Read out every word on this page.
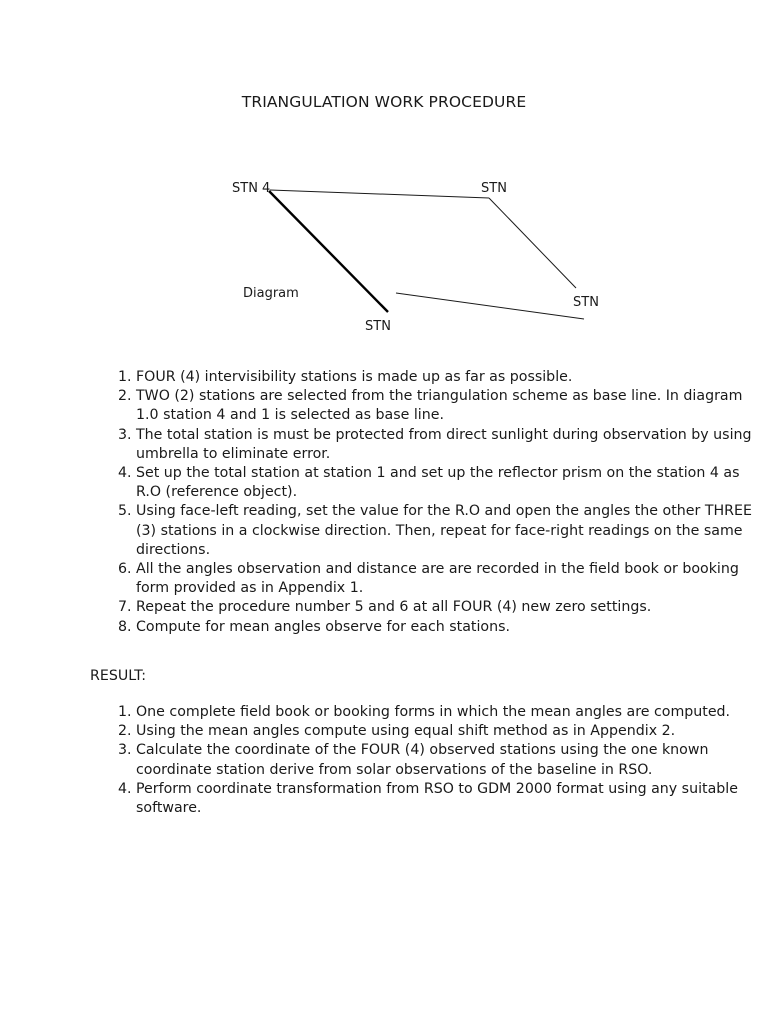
TRIANGULATION WORK PROCEDURE
STN 4	STN
STN
STN
Diagram
1. FOUR (4) intervisibility stations is made up as far as possible.
2. TWO (2) stations are selected from the triangulation scheme as base line. In diagram 1.0 station 4 and 1 is selected as base line.
3. The total station is must be protected from direct sunlight during observation by using umbrella to eliminate error.
4. Set up the total station at station 1 and set up the reflector prism on the station 4 as R.O (reference object).
5. Using face-left reading, set the value for the R.O and open the angles the other THREE (3) stations in a clockwise direction. Then, repeat for face-right readings on the same directions.
6. All the angles observation and distance are are recorded in the field book or booking form provided as in Appendix 1.
7. Repeat the procedure number 5 and 6 at all FOUR (4) new zero settings.
8. Compute for mean angles observe for each stations.
RESULT:
1. One complete field book or booking forms in which the mean angles are computed.
2. Using the mean angles compute using equal shift method as in Appendix 2.
3. Calculate the coordinate of the FOUR (4) observed stations using the one known coordinate station derive from solar observations of the baseline in RSO.
4. Perform coordinate transformation from RSO to GDM 2000 format using any suitable software.
